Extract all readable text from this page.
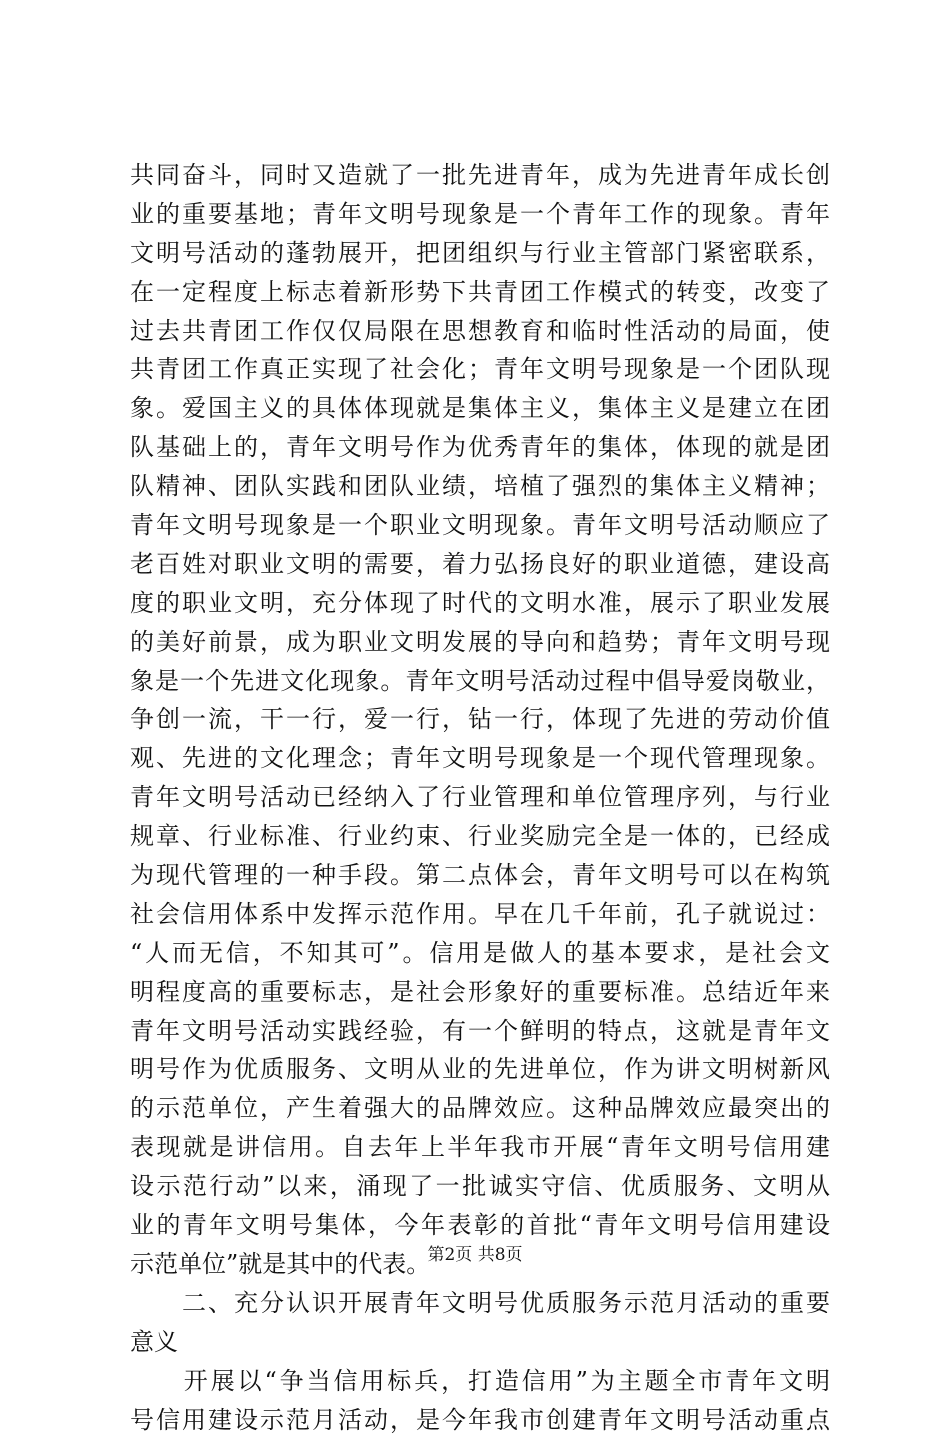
共同奋斗，同时又造就了一批先进青年，成为先进青年成长创
业的重要基地；青年文明号现象是一个青年工作的现象。青年
文明号活动的蓬勃展开，把团组织与行业主管部门紧密联系，
在一定程度上标志着新形势下共青团工作模式的转变，改变了
过去共青团工作仅仅局限在思想教育和临时性活动的局面，使
共青团工作真正实现了社会化；青年文明号现象是一个团队现
象。爱国主义的具体体现就是集体主义，集体主义是建立在团
队基础上的，青年文明号作为优秀青年的集体，体现的就是团
队精神、团队实践和团队业绩，培植了强烈的集体主义精神；
青年文明号现象是一个职业文明现象。青年文明号活动顺应了
老百姓对职业文明的需要，着力弘扬良好的职业道德，建设高
度的职业文明，充分体现了时代的文明水准，展示了职业发展
的美好前景，成为职业文明发展的导向和趋势；青年文明号现
象是一个先进文化现象。青年文明号活动过程中倡导爱岗敬业，
争创一流，干一行，爱一行，钻一行，体现了先进的劳动价值
观、先进的文化理念；青年文明号现象是一个现代管理现象。
青年文明号活动已经纳入了行业管理和单位管理序列，与行业
规章、行业标准、行业约束、行业奖励完全是一体的，已经成
为现代管理的一种手段。第二点体会，青年文明号可以在构筑
社会信用体系中发挥示范作用。早在几千年前，孔子就说过：
“人而无信，不知其可”。信用是做人的基本要求，是社会文
明程度高的重要标志，是社会形象好的重要标准。总结近年来
青年文明号活动实践经验，有一个鲜明的特点，这就是青年文
明号作为优质服务、文明从业的先进单位，作为讲文明树新风
的示范单位，产生着强大的品牌效应。这种品牌效应最突出的
表现就是讲信用。自去年上半年我市开展“青年文明号信用建
设示范行动”以来，涌现了一批诚实守信、优质服务、文明从
业的青年文明号集体，今年表彰的首批“青年文明号信用建设
示范单位”就是其中的代表。
　　二、充分认识开展青年文明号优质服务示范月活动的重要
意义
　　开展以“争当信用标兵，打造信用”为主题全市青年文明
号信用建设示范月活动，是今年我市创建青年文明号活动重点
第2页 共8页
